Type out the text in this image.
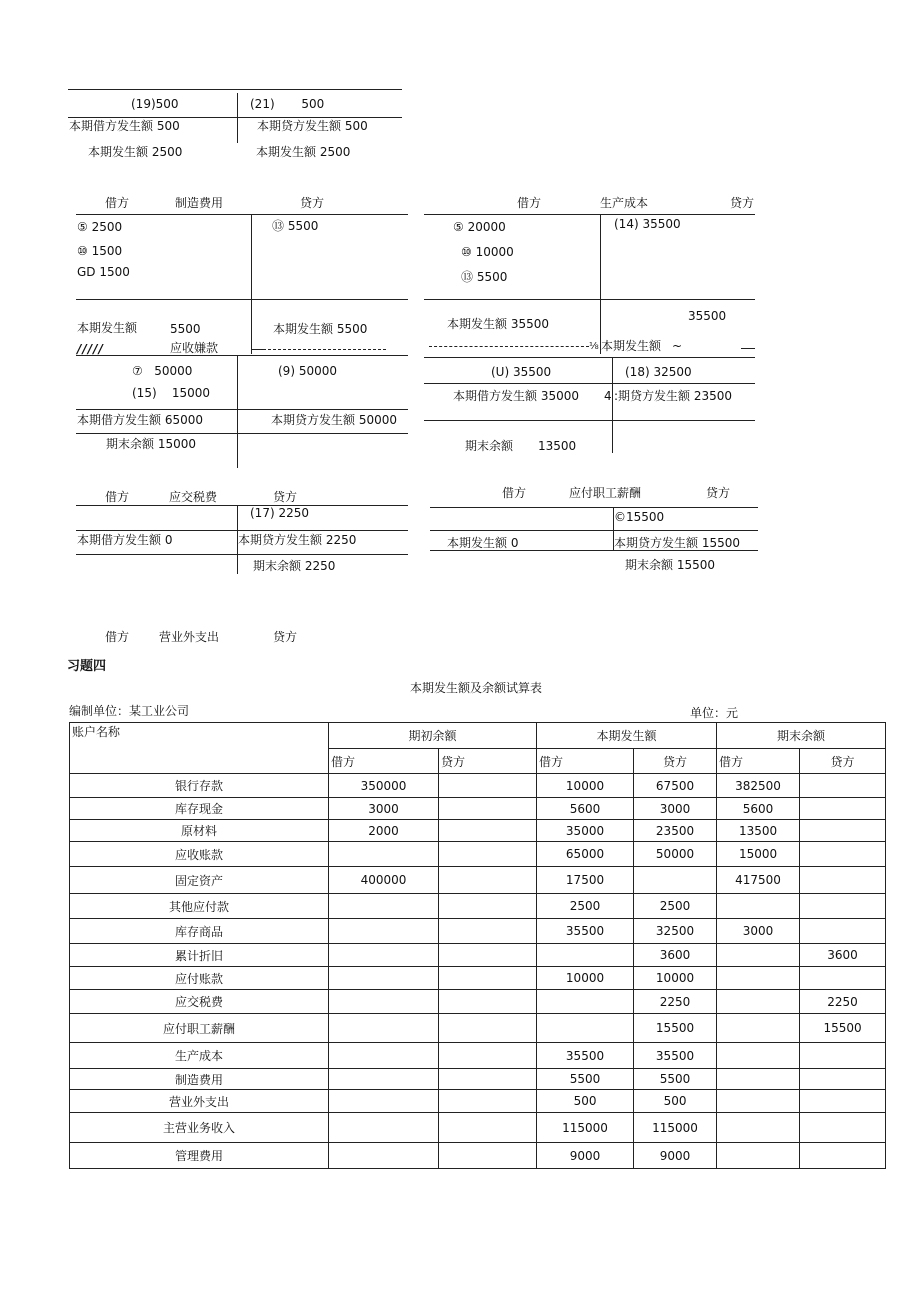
(19)500	(21)       500
本期借方发生额 500	本期贷方发生额 500
本期发生额 2500	本期发生额 2500
借方	制造费用	贷方
⑤ 2500
⑩ 1500
GD 1500
⑬ 5500
本期发生额	5500	本期发生额 5500
借方	生产成本	贷方
⑤ 20000
⑩ 10000
⑬ 5500
(14) 35500
35500
本期发生额 35500
⅛ 本期发生额 ~
/////	应收嫌款
⑦   50000
(15)    15000
(9) 50000
本期借方发生额 65000	本期贷方发生额 50000
期末余额 15000
(U) 35500	(18) 32500
本期借方发生额 35000 4 :期贷方发生额 23500
期末余额 13500
借方	应交税费	贷方
(17) 2250
本期借方发生额 0	本期贷方发生额 2250
期末余额 2250
借方	应付职工薪酬	贷方
©15500
本期发生额 0	本期贷方发生额 15500
期末余额 15500
借方 营业外支出	贷方
习题四
本期发生额及余额试算表
编制单位：某工业公司	单位：元
账户名称	期初余额		本期发生额		期末余额	
	借方	贷方	借方	贷方	借方	贷方
银行存款	350000		10000	67500	382500	
库存现金	3000		5600	3000	5600	
原材料	2000		35000	23500	13500	
应收账款			65000	50000	15000	
固定资产	400000		17500		417500	
其他应付款			2500	2500		
库存商品			35500	32500	3000	
累计折旧				3600		3600
应付账款			10000	10000		
应交税费				2250		2250
应付职工薪酬				15500		15500
生产成本			35500	35500		
制造费用			5500	5500		
营业外支出			500	500		
主营业务收入			115000	115000		
管理费用			9000	9000		
